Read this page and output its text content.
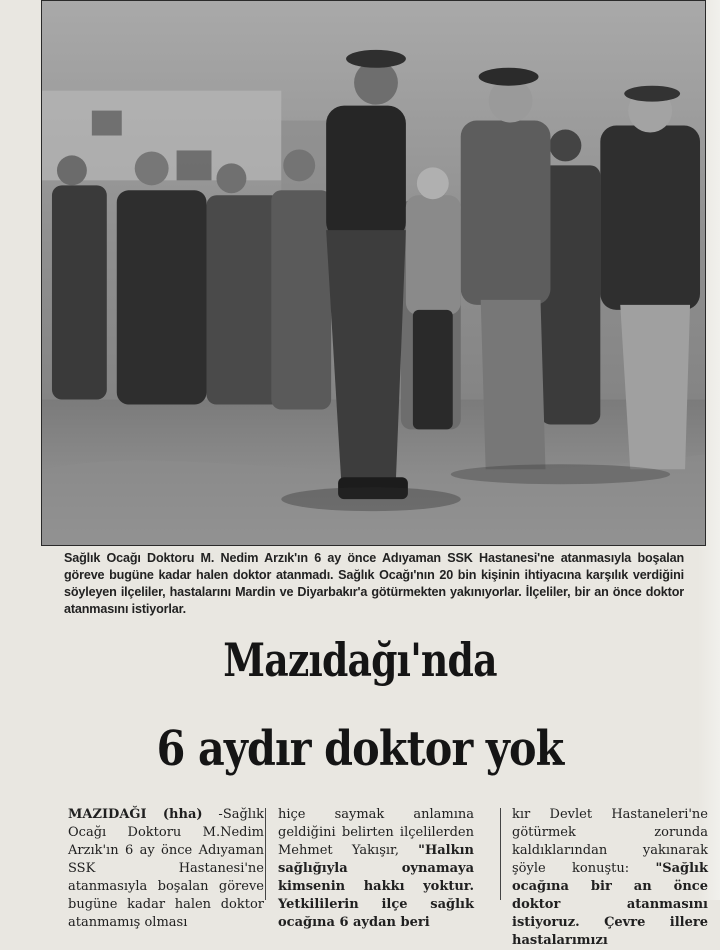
Sağlık Ocağı Doktoru M. Nedim Arzık'ın 6 ay önce Adıyaman SSK Hastanesi'ne atanmasıyla boşalan göreve bugüne kadar halen doktor atanmadı. Sağlık Ocağı'nın 20 bin kişinin ihtiyacına karşılık verdiğini söyleyen ilçeliler, hastalarını Mardin ve Diyarbakır'a götürmekten yakınıyorlar. İlçeliler, bir an önce doktor atanmasını istiyorlar.

Mazıdağı'nda
6 aydır doktor yok

MAZIDAĞI (hha) -Sağlık Ocağı Doktoru M.Nedim Arzık'ın 6 ay önce Adıyaman SSK Hastanesi'ne atanmasıyla boşalan göreve bugüne kadar halen doktor atanmamış olması

hiçe saymak anlamına geldiğini belirten ilçelilerden Mehmet Yakışır, "Halkın sağlığıyla oynamaya kimsenin hakkı yoktur. Yetkililerin ilçe sağlık ocağına 6 aydan beri

kır Devlet Hastaneleri'ne götürmek zorunda kaldıklarından yakınarak şöyle konuştu: "Sağlık ocağına bir an önce doktor atanmasını istiyoruz. Çevre illere hastalarımızı
